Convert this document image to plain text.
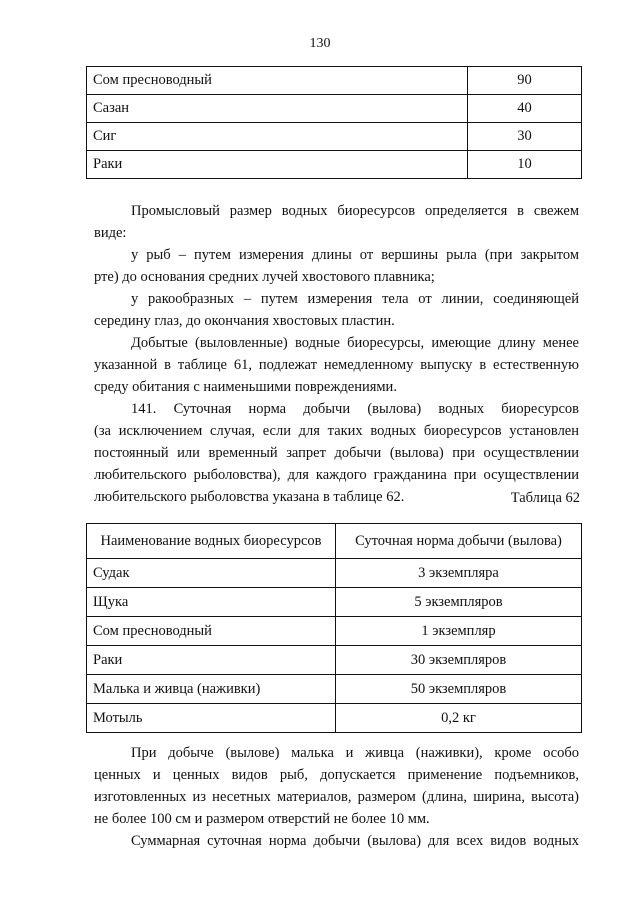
130
Сом пресноводный	90
Сазан	40
Сиг	30
Раки	10

Промысловый размер водных биоресурсов определяется в свежем

виде:

у рыб – путем измерения длины от вершины рыла (при закрытом

рте) до основания средних лучей хвостового плавника;

у ракообразных – путем измерения тела от линии, соединяющей

середину глаз, до окончания хвостовых пластин.

Добытые (выловленные) водные биоресурсы, имеющие длину менее

указанной в таблице 61, подлежат немедленному выпуску в естественную

среду обитания с наименьшими повреждениями.

141. Суточная норма добычи (вылова) водных биоресурсов

(за исключением случая, если для таких водных биоресурсов установлен

постоянный или временный запрет добычи (вылова) при осуществлении

любительского рыболовства), для каждого гражданина при осуществлении

любительского рыболовства указана в таблице 62.	Таблица 62
Наименование водных биоресурсов	Суточная норма добычи (вылова)
Судак	3 экземпляра
Щука	5 экземпляров
Сом пресноводный	1 экземпляр
Раки	30 экземпляров
Малька и живца (наживки)	50 экземпляров
Мотыль	0,2 кг

При добыче (вылове) малька и живца (наживки), кроме особо

ценных и ценных видов рыб, допускается применение подъемников,

изготовленных из несетных материалов, размером (длина, ширина, высота)

не более 100 см и размером отверстий не более 10 мм.

Суммарная суточная норма добычи (вылова) для всех видов водных
